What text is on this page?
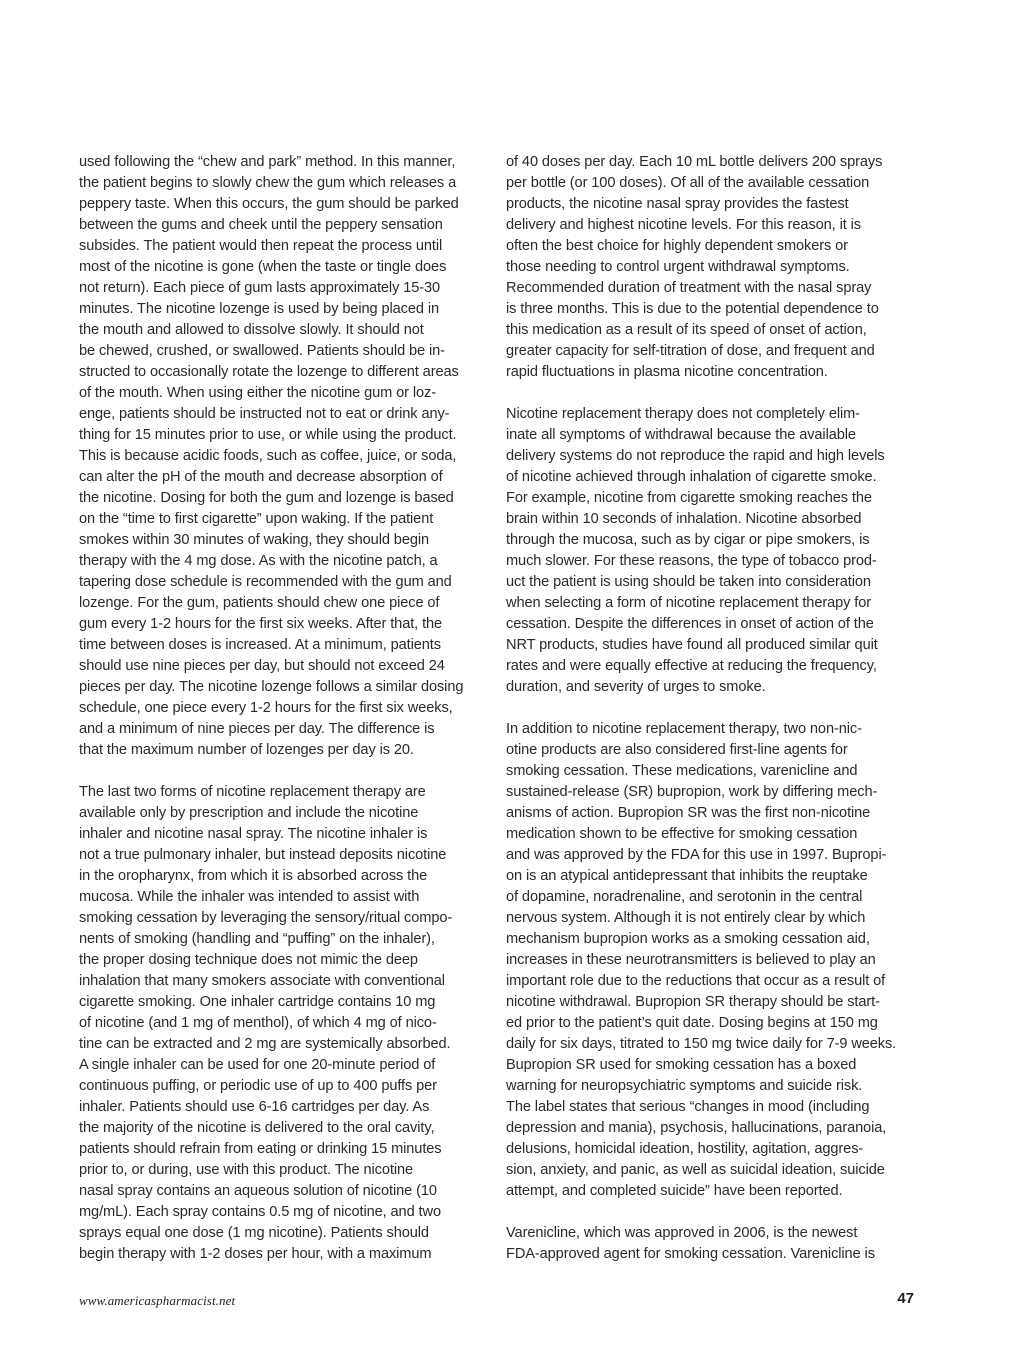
used following the “chew and park” method. In this manner,
the patient begins to slowly chew the gum which releases a
peppery taste. When this occurs, the gum should be parked
between the gums and cheek until the peppery sensation
subsides. The patient would then repeat the process until
most of the nicotine is gone (when the taste or tingle does
not return). Each piece of gum lasts approximately 15-30
minutes. The nicotine lozenge is used by being placed in
the mouth and allowed to dissolve slowly. It should not
be chewed, crushed, or swallowed. Patients should be in-
structed to occasionally rotate the lozenge to different areas
of the mouth. When using either the nicotine gum or loz-
enge, patients should be instructed not to eat or drink any-
thing for 15 minutes prior to use, or while using the product.
This is because acidic foods, such as coffee, juice, or soda,
can alter the pH of the mouth and decrease absorption of
the nicotine. Dosing for both the gum and lozenge is based
on the “time to first cigarette” upon waking. If the patient
smokes within 30 minutes of waking, they should begin
therapy with the 4 mg dose. As with the nicotine patch, a
tapering dose schedule is recommended with the gum and
lozenge. For the gum, patients should chew one piece of
gum every 1-2 hours for the first six weeks. After that, the
time between doses is increased. At a minimum, patients
should use nine pieces per day, but should not exceed 24
pieces per day. The nicotine lozenge follows a similar dosing
schedule, one piece every 1-2 hours for the first six weeks,
and a minimum of nine pieces per day. The difference is
that the maximum number of lozenges per day is 20.

The last two forms of nicotine replacement therapy are
available only by prescription and include the nicotine
inhaler and nicotine nasal spray. The nicotine inhaler is
not a true pulmonary inhaler, but instead deposits nicotine
in the oropharynx, from which it is absorbed across the
mucosa. While the inhaler was intended to assist with
smoking cessation by leveraging the sensory/ritual compo-
nents of smoking (handling and “puffing” on the inhaler),
the proper dosing technique does not mimic the deep
inhalation that many smokers associate with conventional
cigarette smoking. One inhaler cartridge contains 10 mg
of nicotine (and 1 mg of menthol), of which 4 mg of nico-
tine can be extracted and 2 mg are systemically absorbed.
A single inhaler can be used for one 20-minute period of
continuous puffing, or periodic use of up to 400 puffs per
inhaler. Patients should use 6-16 cartridges per day. As
the majority of the nicotine is delivered to the oral cavity,
patients should refrain from eating or drinking 15 minutes
prior to, or during, use with this product. The nicotine
nasal spray contains an aqueous solution of nicotine (10
mg/mL). Each spray contains 0.5 mg of nicotine, and two
sprays equal one dose (1 mg nicotine). Patients should
begin therapy with 1-2 doses per hour, with a maximum

of 40 doses per day. Each 10 mL bottle delivers 200 sprays
per bottle (or 100 doses). Of all of the available cessation
products, the nicotine nasal spray provides the fastest
delivery and highest nicotine levels. For this reason, it is
often the best choice for highly dependent smokers or
those needing to control urgent withdrawal symptoms.
Recommended duration of treatment with the nasal spray
is three months. This is due to the potential dependence to
this medication as a result of its speed of onset of action,
greater capacity for self-titration of dose, and frequent and
rapid fluctuations in plasma nicotine concentration.

Nicotine replacement therapy does not completely elim-
inate all symptoms of withdrawal because the available
delivery systems do not reproduce the rapid and high levels
of nicotine achieved through inhalation of cigarette smoke.
For example, nicotine from cigarette smoking reaches the
brain within 10 seconds of inhalation. Nicotine absorbed
through the mucosa, such as by cigar or pipe smokers, is
much slower. For these reasons, the type of tobacco prod-
uct the patient is using should be taken into consideration
when selecting a form of nicotine replacement therapy for
cessation. Despite the differences in onset of action of the
NRT products, studies have found all produced similar quit
rates and were equally effective at reducing the frequency,
duration, and severity of urges to smoke.

In addition to nicotine replacement therapy, two non-nic-
otine products are also considered first-line agents for
smoking cessation. These medications, varenicline and
sustained-release (SR) bupropion, work by differing mech-
anisms of action. Bupropion SR was the first non-nicotine
medication shown to be effective for smoking cessation
and was approved by the FDA for this use in 1997. Bupropi-
on is an atypical antidepressant that inhibits the reuptake
of dopamine, noradrenaline, and serotonin in the central
nervous system. Although it is not entirely clear by which
mechanism bupropion works as a smoking cessation aid,
increases in these neurotransmitters is believed to play an
important role due to the reductions that occur as a result of
nicotine withdrawal. Bupropion SR therapy should be start-
ed prior to the patient’s quit date. Dosing begins at 150 mg
daily for six days, titrated to 150 mg twice daily for 7-9 weeks.
Bupropion SR used for smoking cessation has a boxed
warning for neuropsychiatric symptoms and suicide risk.
The label states that serious “changes in mood (including
depression and mania), psychosis, hallucinations, paranoia,
delusions, homicidal ideation, hostility, agitation, aggres-
sion, anxiety, and panic, as well as suicidal ideation, suicide
attempt, and completed suicide” have been reported.

Varenicline, which was approved in 2006, is the newest
FDA-approved agent for smoking cessation. Varenicline is

www.americaspharmacist.net	47
